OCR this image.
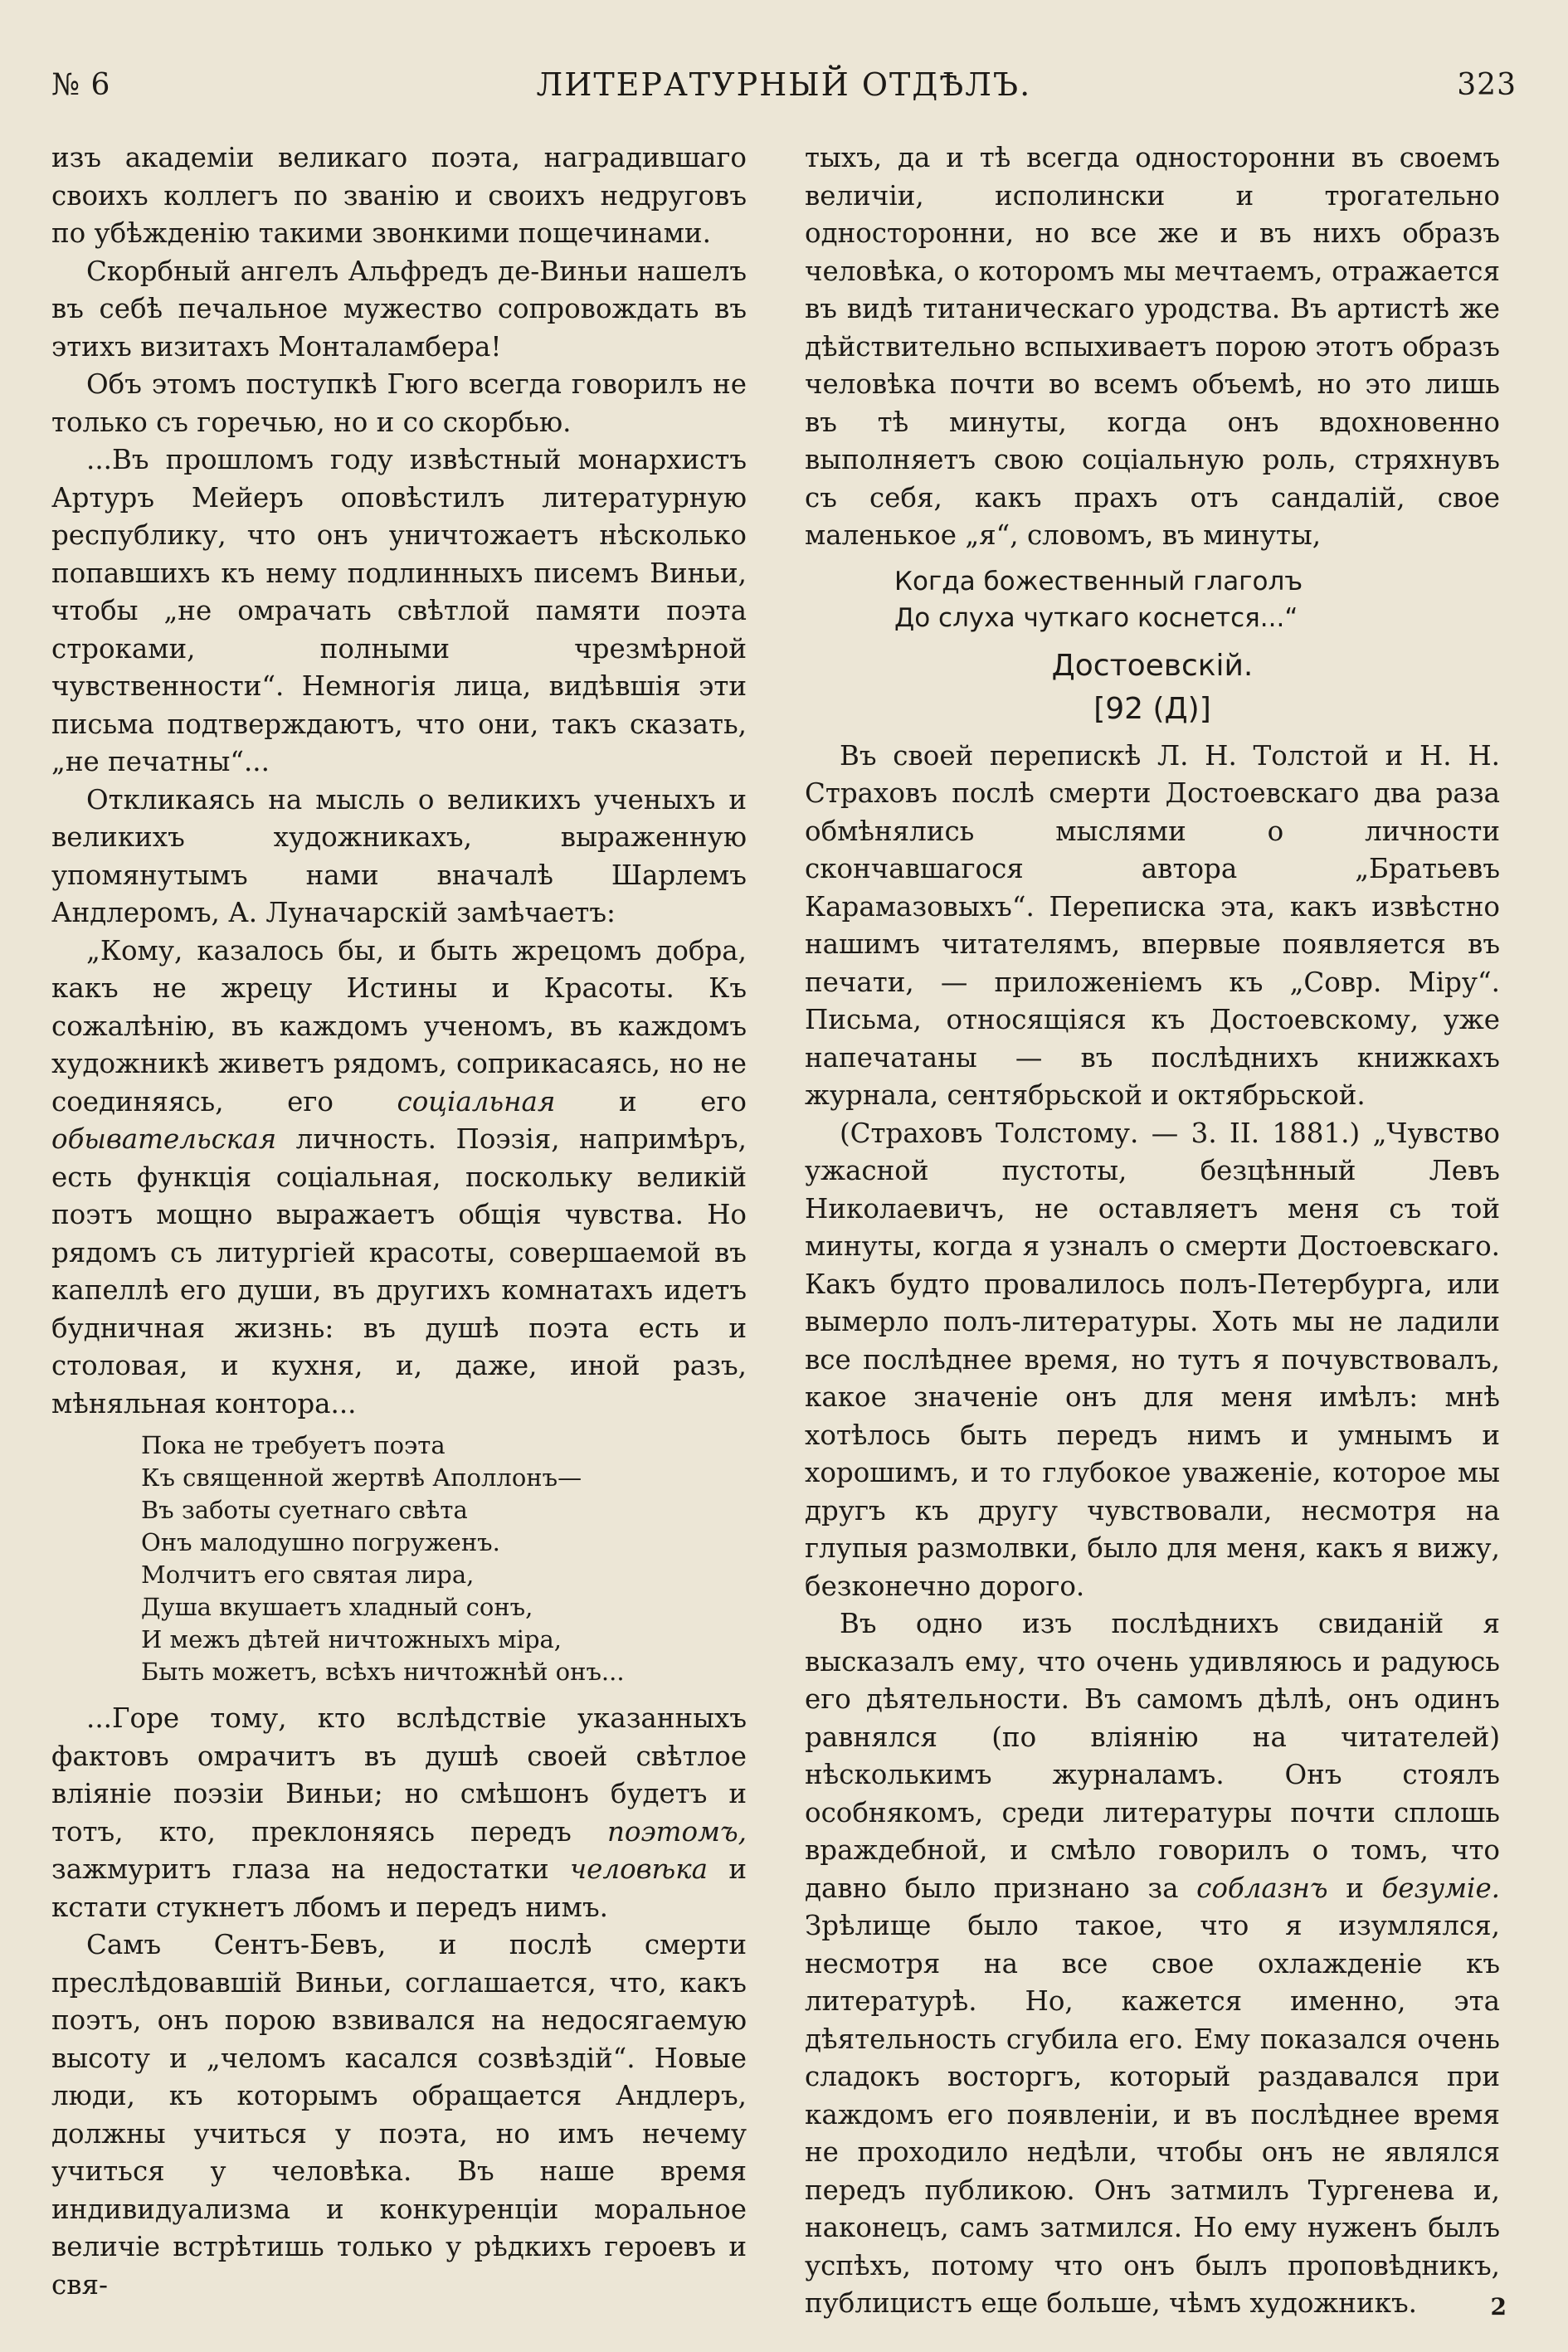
№ 6	ЛИТЕРАТУРНЫЙ ОТДѢЛЪ.	323

изъ академіи великаго поэта, наградившаго своихъ коллегъ по званію и своихъ недруговъ по убѣжденію такими звонкими пощечинами.

Скорбный ангелъ Альфредъ де-Виньи нашелъ въ себѣ печальное мужество сопровождать въ этихъ визитахъ Монталамбера!

Объ этомъ поступкѣ Гюго всегда говорилъ не только съ горечью, но и со скорбью.

...Въ прошломъ году извѣстный монархистъ Артуръ Мейеръ оповѣстилъ литературную республику, что онъ уничтожаетъ нѣсколько попавшихъ къ нему подлинныхъ писемъ Виньи, чтобы „не омрачать свѣтлой памяти поэта строками, полными чрезмѣрной чувственности“. Немногія лица, видѣвшія эти письма подтверждаютъ, что они, такъ сказать, „не печатны“...

Откликаясь на мысль о великихъ ученыхъ и великихъ художникахъ, выраженную упомянутымъ нами вначалѣ Шарлемъ Андлеромъ, А. Луначарскій замѣчаетъ:

„Кому, казалось бы, и быть жрецомъ добра, какъ не жрецу Истины и Красоты. Къ сожалѣнію, въ каждомъ ученомъ, въ каждомъ художникѣ живетъ рядомъ, соприкасаясь, но не соединяясь, его соціальная и его обывательская личность. Поэзія, напримѣръ, есть функція соціальная, поскольку великій поэтъ мощно выражаетъ общія чувства. Но рядомъ съ литургіей красоты, совершаемой въ капеллѣ его души, въ другихъ комнатахъ идетъ будничная жизнь: въ душѣ поэта есть и столовая, и кухня, и, даже, иной разъ, мѣняльная контора...

Пока не требуетъ поэта
Къ священной жертвѣ Аполлонъ—
Въ заботы суетнаго свѣта
Онъ малодушно погруженъ.
Молчитъ его святая лира,
Душа вкушаетъ хладный сонъ,
И межъ дѣтей ничтожныхъ міра,
Быть можетъ, всѣхъ ничтожнѣй онъ...

...Горе тому, кто вслѣдствіе указанныхъ фактовъ омрачитъ въ душѣ своей свѣтлое вліяніе поэзіи Виньи; но смѣшонъ будетъ и тотъ, кто, преклоняясь передъ поэтомъ, зажмуритъ глаза на недостатки человѣка и кстати стукнетъ лбомъ и передъ нимъ.

Самъ Сентъ-Бевъ, и послѣ смерти преслѣдовавшій Виньи, соглашается, что, какъ поэтъ, онъ порою взвивался на недосягаемую высоту и „челомъ касался созвѣздій“. Новые люди, къ которымъ обращается Андлеръ, должны учиться у поэта, но имъ нечему учиться у человѣка. Въ наше время индивидуализма и конкуренціи моральное величіе встрѣтишь только у рѣдкихъ героевъ и свя-

тыхъ, да и тѣ всегда односторонни въ своемъ величіи, исполински и трогательно односторонни, но все же и въ нихъ образъ человѣка, о которомъ мы мечтаемъ, отражается въ видѣ титаническаго уродства. Въ артистѣ же дѣйствительно вспыхиваетъ порою этотъ образъ человѣка почти во всемъ объемѣ, но это лишь въ тѣ минуты, когда онъ вдохновенно выполняетъ свою соціальную роль, стряхнувъ съ себя, какъ прахъ отъ сандалій, свое маленькое „я“, словомъ, въ минуты,

Когда божественный глаголъ
До слуха чуткаго коснется...“
Достоевскій.
[92 (Д)]

Въ своей перепискѣ Л. Н. Толстой и Н. Н. Страховъ послѣ смерти Достоевскаго два раза обмѣнялись мыслями о личности скончавшагося автора „Братьевъ Карамазовыхъ“. Переписка эта, какъ извѣстно нашимъ читателямъ, впервые появляется въ печати, — приложеніемъ къ „Совр. Міру“. Письма, относящіяся къ Достоевскому, уже напечатаны — въ послѣднихъ книжкахъ журнала, сентябрьской и октябрьской.

(Страховъ Толстому. — 3. II. 1881.) „Чувство ужасной пустоты, безцѣнный Левъ Николаевичъ, не оставляетъ меня съ той минуты, когда я узналъ о смерти Достоевскаго. Какъ будто провалилось полъ-Петербурга, или вымерло полъ-литературы. Хоть мы не ладили все послѣднее время, но тутъ я почувствовалъ, какое значеніе онъ для меня имѣлъ: мнѣ хотѣлось быть передъ нимъ и умнымъ и хорошимъ, и то глубокое уваженіе, которое мы другъ къ другу чувствовали, несмотря на глупыя размолвки, было для меня, какъ я вижу, безконечно дорого.

Въ одно изъ послѣднихъ свиданій я высказалъ ему, что очень удивляюсь и радуюсь его дѣятельности. Въ самомъ дѣлѣ, онъ одинъ равнялся (по вліянію на читателей) нѣсколькимъ журналамъ. Онъ стоялъ особнякомъ, среди литературы почти сплошь враждебной, и смѣло говорилъ о томъ, что давно было признано за соблазнъ и безуміе. Зрѣлище было такое, что я изумлялся, несмотря на все свое охлажденіе къ литературѣ. Но, кажется именно, эта дѣятельность сгубила его. Ему показался очень сладокъ восторгъ, который раздавался при каждомъ его появленіи, и въ послѣднее время не проходило недѣли, чтобы онъ не являлся передъ публикою. Онъ затмилъ Тургенева и, наконецъ, самъ затмился. Но ему нуженъ былъ успѣхъ, потому что онъ былъ проповѣдникъ, публицистъ еще больше, чѣмъ художникъ.	2
